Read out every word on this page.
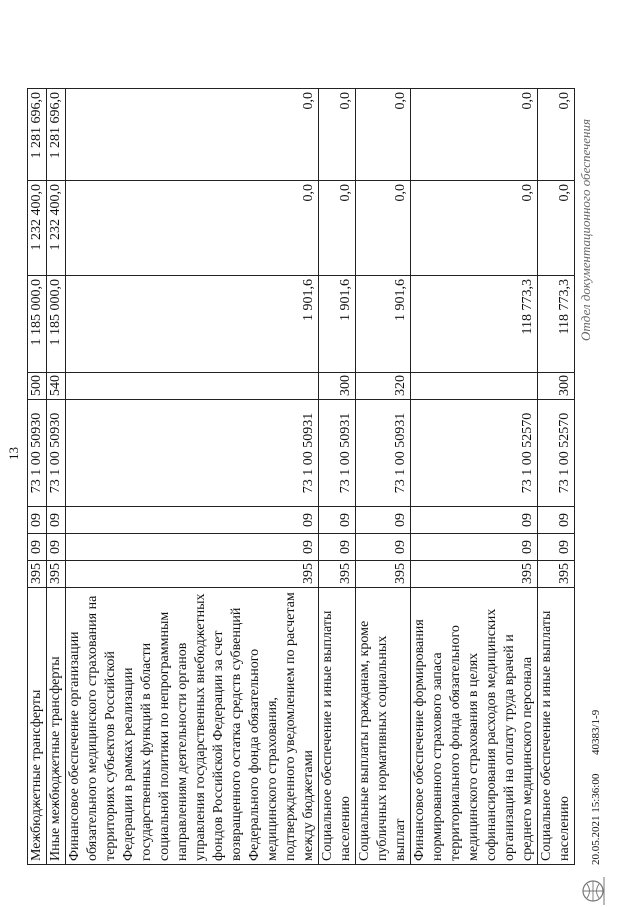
13
Межбюджетные трансферты	395	09	09	73 1 00 50930	500	1 185 000,0	1 232 400,0	1 281 696,0
Иные межбюджетные трансферты	395	09	09	73 1 00 50930	540	1 185 000,0	1 232 400,0	1 281 696,0
Финансовое обеспечение организации обязательного медицинского страхования на территориях субъектов Российской Федерации в рамках реализации государственных функций в области социальной политики по непрограммным направлениям деятельности органов управления государственных внебюджетных фондов Российской Федерации за счет возвращенного остатка средств субвенций Федерального фонда обязательного медицинского страхования, подтвержденного уведомлением по расчетам между бюджетами	395	09	09	73 1 00 50931		1 901,6	0,0	0,0
Социальное обеспечение и иные выплаты населению	395	09	09	73 1 00 50931	300	1 901,6	0,0	0,0
Социальные выплаты гражданам, кроме публичных нормативных социальных выплат	395	09	09	73 1 00 50931	320	1 901,6	0,0	0,0
Финансовое обеспечение формирования нормированного страхового запаса территориального фонда обязательного медицинского страхования в целях софинансирования расходов медицинских организаций на оплату труда врачей и среднего медицинского персонала	395	09	09	73 1 00 52570		118 773,3	0,0	0,0
Социальное обеспечение и иные выплаты населению	395	09	09	73 1 00 52570	300	118 773,3	0,0	0,0
20.05.2021 15:36:00
40383/1-9
Отдел документационного обеспечения
